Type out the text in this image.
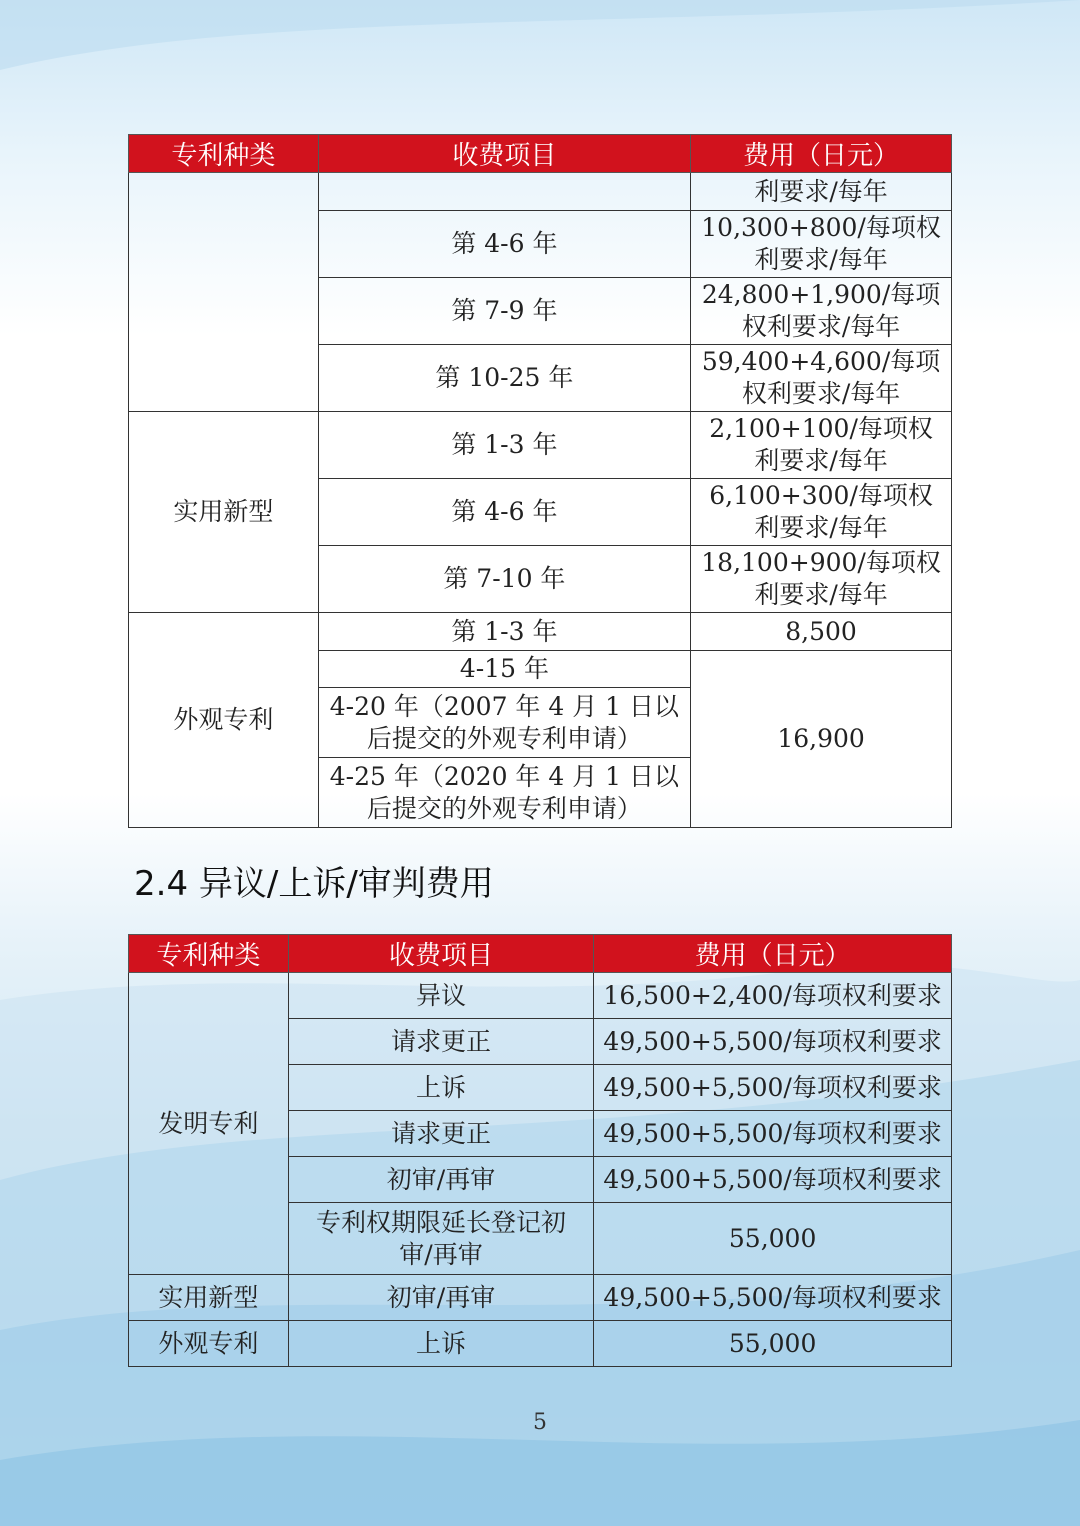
专利种类	收费项目	费用（日元）
		利要求/每年
	第 4-6 年	10,300+800/每项权
利要求/每年
	第 7-9 年	24,800+1,900/每项
权利要求/每年
	第 10-25 年	59,400+4,600/每项
权利要求/每年
实用新型	第 1-3 年	2,100+100/每项权
利要求/每年
	第 4-6 年	6,100+300/每项权
利要求/每年
	第 7-10 年	18,100+900/每项权
利要求/每年
外观专利	第 1-3 年	8,500
	4-15 年	16,900
	4-20 年（2007 年 4 月 1 日以
后提交的外观专利申请）	
	4-25 年（2020 年 4 月 1 日以
后提交的外观专利申请）	
2.4 异议/上诉/审判费用
专利种类	收费项目	费用（日元）
发明专利	异议	16,500+2,400/每项权利要求
	请求更正	49,500+5,500/每项权利要求
	上诉	49,500+5,500/每项权利要求
	请求更正	49,500+5,500/每项权利要求
	初审/再审	49,500+5,500/每项权利要求
	专利权期限延长登记初
审/再审	55,000
实用新型	初审/再审	49,500+5,500/每项权利要求
外观专利	上诉	55,000
5
